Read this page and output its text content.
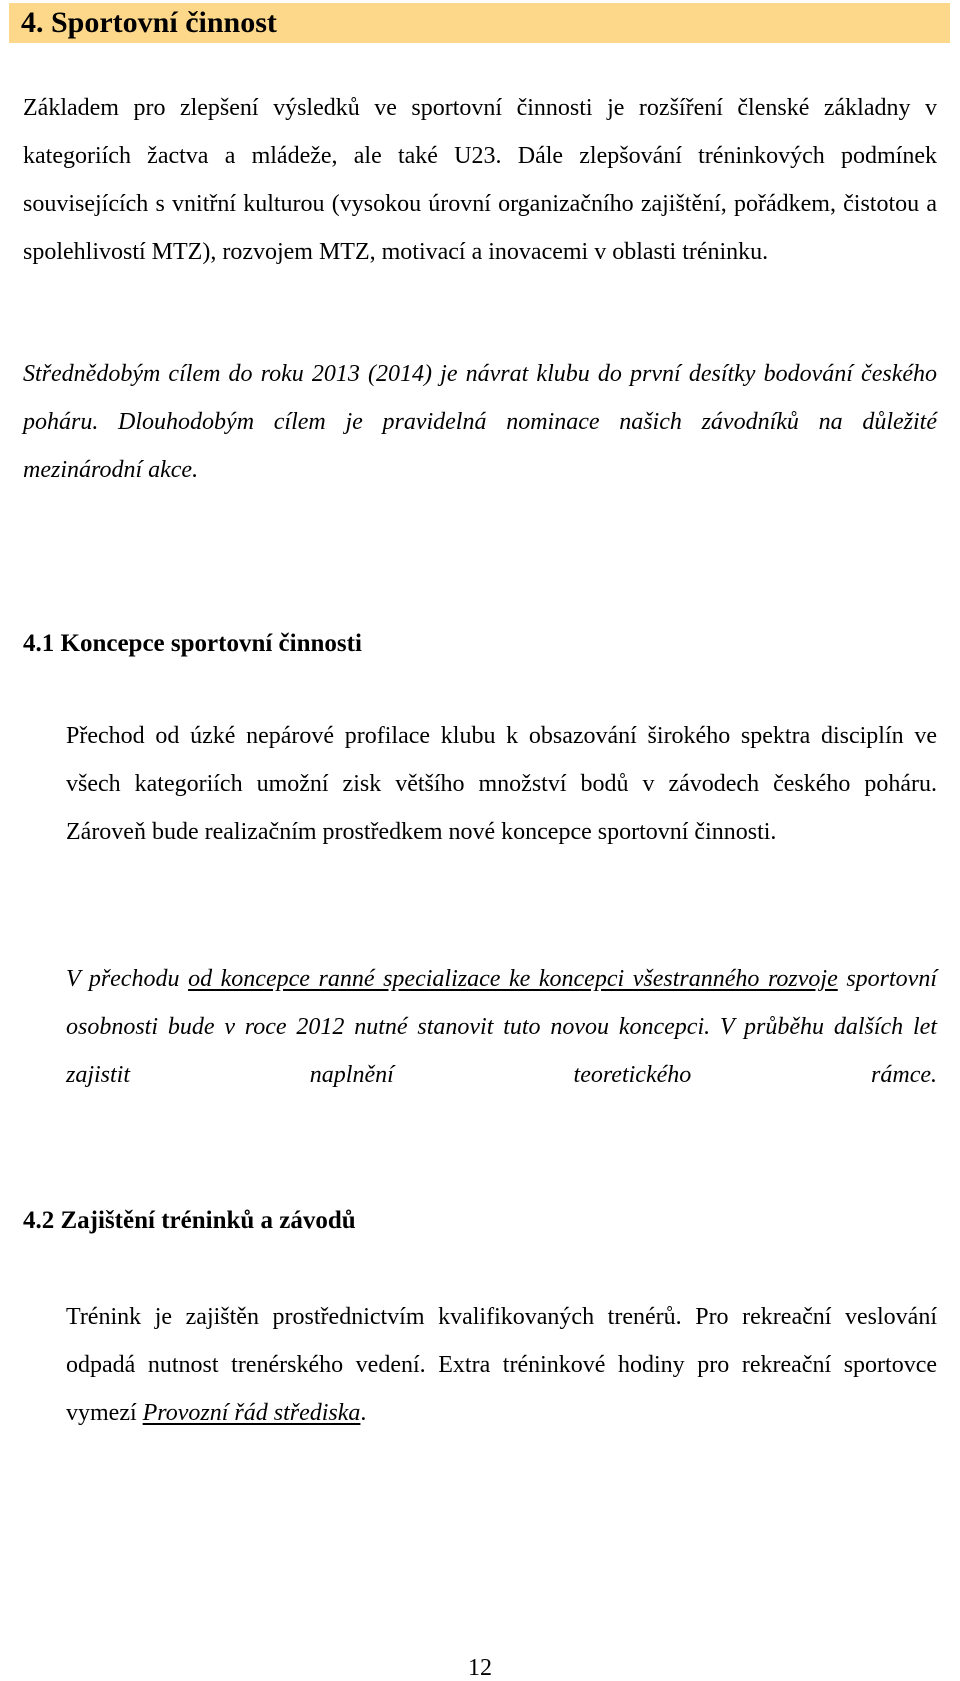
4. Sportovní činnost

Základem pro zlepšení výsledků ve sportovní činnosti je rozšíření členské základny v kategoriích žactva a mládeže, ale také U23. Dále zlepšování tréninkových podmínek souvisejících s vnitřní kulturou (vysokou úrovní organizačního zajištění, pořádkem, čistotou a spolehlivostí MTZ), rozvojem MTZ, motivací a inovacemi v oblasti tréninku.

Střednědobým cílem do roku 2013 (2014) je návrat klubu do první desítky bodování českého poháru. Dlouhodobým cílem je pravidelná nominace našich závodníků na důležité mezinárodní akce.

4.1 Koncepce sportovní činnosti

Přechod od úzké nepárové profilace klubu k obsazování širokého spektra disciplín ve všech kategoriích umožní zisk většího množství bodů v závodech českého poháru. Zároveň bude realizačním prostředkem nové koncepce sportovní činnosti.

V přechodu od koncepce ranné specializace ke koncepci všestranného rozvoje sportovní osobnosti bude v roce 2012 nutné stanovit tuto novou koncepci. V průběhu dalších let zajistit naplnění teoretického rámce.

4.2 Zajištění tréninků a závodů

Trénink je zajištěn prostřednictvím kvalifikovaných trenérů. Pro rekreační veslování odpadá nutnost trenérského vedení. Extra tréninkové hodiny pro rekreační sportovce vymezí Provozní řád střediska.

12
